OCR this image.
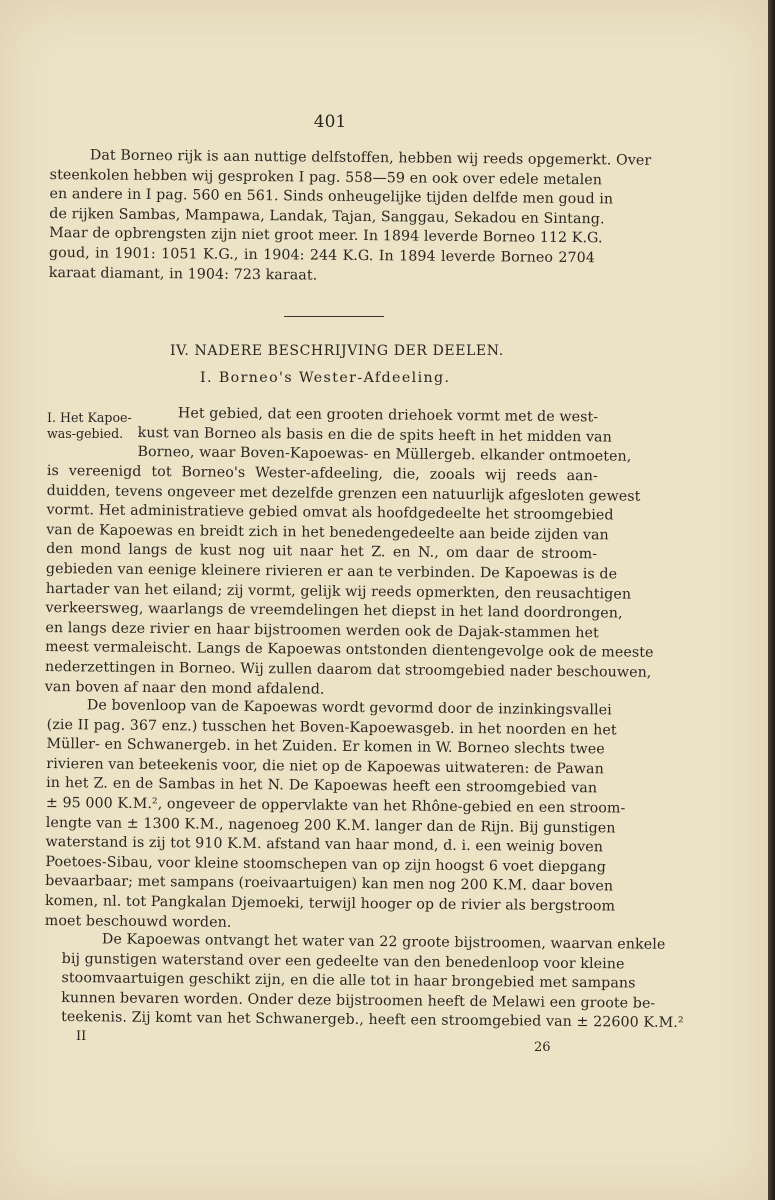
401
Dat Borneo rijk is aan nuttige delfstoffen, hebben wij reeds opgemerkt. Over
steenkolen hebben wij gesproken I pag. 558—59 en ook over edele metalen
en andere in I pag. 560 en 561. Sinds onheugelijke tijden delfde men goud in
de rijken Sambas, Mampawa, Landak, Tajan, Sanggau, Sekadou en Sintang.
Maar de opbrengsten zijn niet groot meer. In 1894 leverde Borneo 112 K.G.
goud, in 1901: 1051 K.G., in 1904: 244 K.G. In 1894 leverde Borneo 2704
karaat diamant, in 1904: 723 karaat.
IV. NADERE BESCHRIJVING DER DEELEN.
I. Borneo's Wester-Afdeeling.
I. Het Kapoe-
was-gebied.
Het gebied, dat een grooten driehoek vormt met de west-
kust van Borneo als basis en die de spits heeft in het midden van
Borneo, waar Boven-Kapoewas- en Müllergeb. elkander ontmoeten,
is vereenigd tot Borneo's Wester-afdeeling, die, zooals wij reeds aan-
duidden, tevens ongeveer met dezelfde grenzen een natuurlijk afgesloten gewest
vormt. Het administratieve gebied omvat als hoofdgedeelte het stroomgebied
van de Kapoewas en breidt zich in het benedengedeelte aan beide zijden van
den mond langs de kust nog uit naar het Z. en N., om daar de stroom-
gebieden van eenige kleinere rivieren er aan te verbinden. De Kapoewas is de
hartader van het eiland; zij vormt, gelijk wij reeds opmerkten, den reusachtigen
verkeersweg, waarlangs de vreemdelingen het diepst in het land doordrongen,
en langs deze rivier en haar bijstroomen werden ook de Dajak-stammen het
meest vermaleischt. Langs de Kapoewas ontstonden dientengevolge ook de meeste
nederzettingen in Borneo. Wij zullen daarom dat stroomgebied nader beschouwen,
van boven af naar den mond afdalend.
De bovenloop van de Kapoewas wordt gevormd door de inzinkingsvallei
(zie II pag. 367 enz.) tusschen het Boven-Kapoewasgeb. in het noorden en het
Müller- en Schwanergeb. in het Zuiden. Er komen in W. Borneo slechts twee
rivieren van beteekenis voor, die niet op de Kapoewas uitwateren: de Pawan
in het Z. en de Sambas in het N. De Kapoewas heeft een stroomgebied van
± 95 000 K.M.², ongeveer de oppervlakte van het Rhône-gebied en een stroom-
lengte van ± 1300 K.M., nagenoeg 200 K.M. langer dan de Rijn. Bij gunstigen
waterstand is zij tot 910 K.M. afstand van haar mond, d. i. een weinig boven
Poetoes-Sibau, voor kleine stoomschepen van op zijn hoogst 6 voet diepgang
bevaarbaar; met sampans (roeivaartuigen) kan men nog 200 K.M. daar boven
komen, nl. tot Pangkalan Djemoeki, terwijl hooger op de rivier als bergstroom
moet beschouwd worden.
De Kapoewas ontvangt het water van 22 groote bijstroomen, waarvan enkele
bij gunstigen waterstand over een gedeelte van den benedenloop voor kleine
stoomvaartuigen geschikt zijn, en die alle tot in haar brongebied met sampans
kunnen bevaren worden. Onder deze bijstroomen heeft de Melawi een groote be-
teekenis. Zij komt van het Schwanergeb., heeft een stroomgebied van ± 22600 K.M.²
II
26
